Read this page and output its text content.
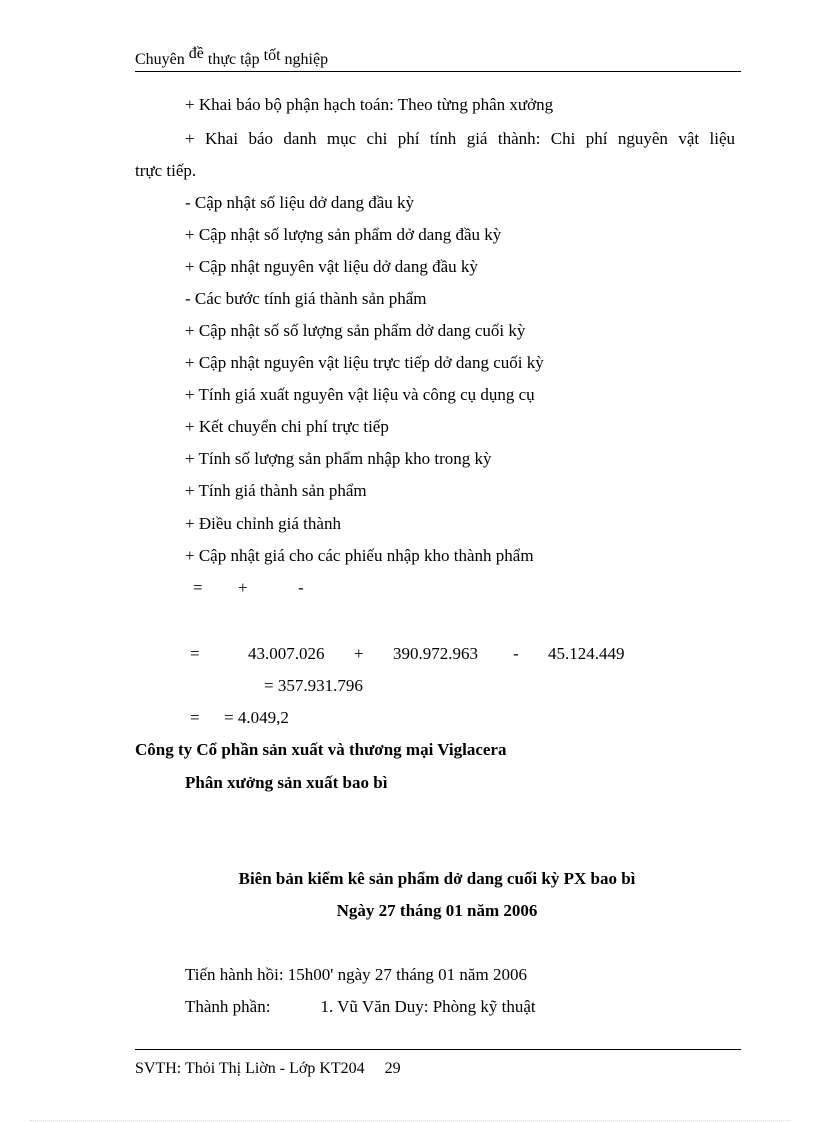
Chuyên đề thực tập tốt nghiệp
+ Khai báo bộ phận hạch toán: Theo từng phân xưởng
+ Khai báo danh mục chi phí tính giá thành: Chi phí nguyên vật liệu
trực tiếp.
- Cập nhật số liệu dở dang đầu kỳ
+ Cập nhật số lượng sản phẩm dở dang đầu kỳ
+ Cập nhật nguyên vật liệu dở dang đầu kỳ
- Các bước tính giá thành sản phẩm
+ Cập nhật số số lượng sản phẩm dở dang cuối kỳ
+ Cập nhật nguyên vật liệu trực tiếp dở dang cuối kỳ
+ Tính giá xuất nguyên vật liệu và công cụ dụng cụ
+ Kết chuyển chi phí trực tiếp
+ Tính số lượng sản phẩm nhập kho trong kỳ
+ Tính giá thành sản phẩm
+ Điều chỉnh giá thành
+ Cập nhật giá cho các phiếu nhập kho thành phẩm
= +	-
=	43.007.026 + 390.972.963 - 45.124.449
= 357.931.796
= = 4.049,2
Công ty Cổ phần sản xuất và thương mại Viglacera
Phân xưởng sản xuất bao bì
Biên bản kiểm kê sản phẩm dở dang cuối kỳ PX bao bì
Ngày 27 tháng 01 năm 2006
Tiến hành hồi: 15h00' ngày 27 tháng 01 năm 2006
Thành phần:	1. Vũ Văn Duy: Phòng kỹ thuật
SVTH: Thỏi Thị Liờn - Lớp KT204 29
